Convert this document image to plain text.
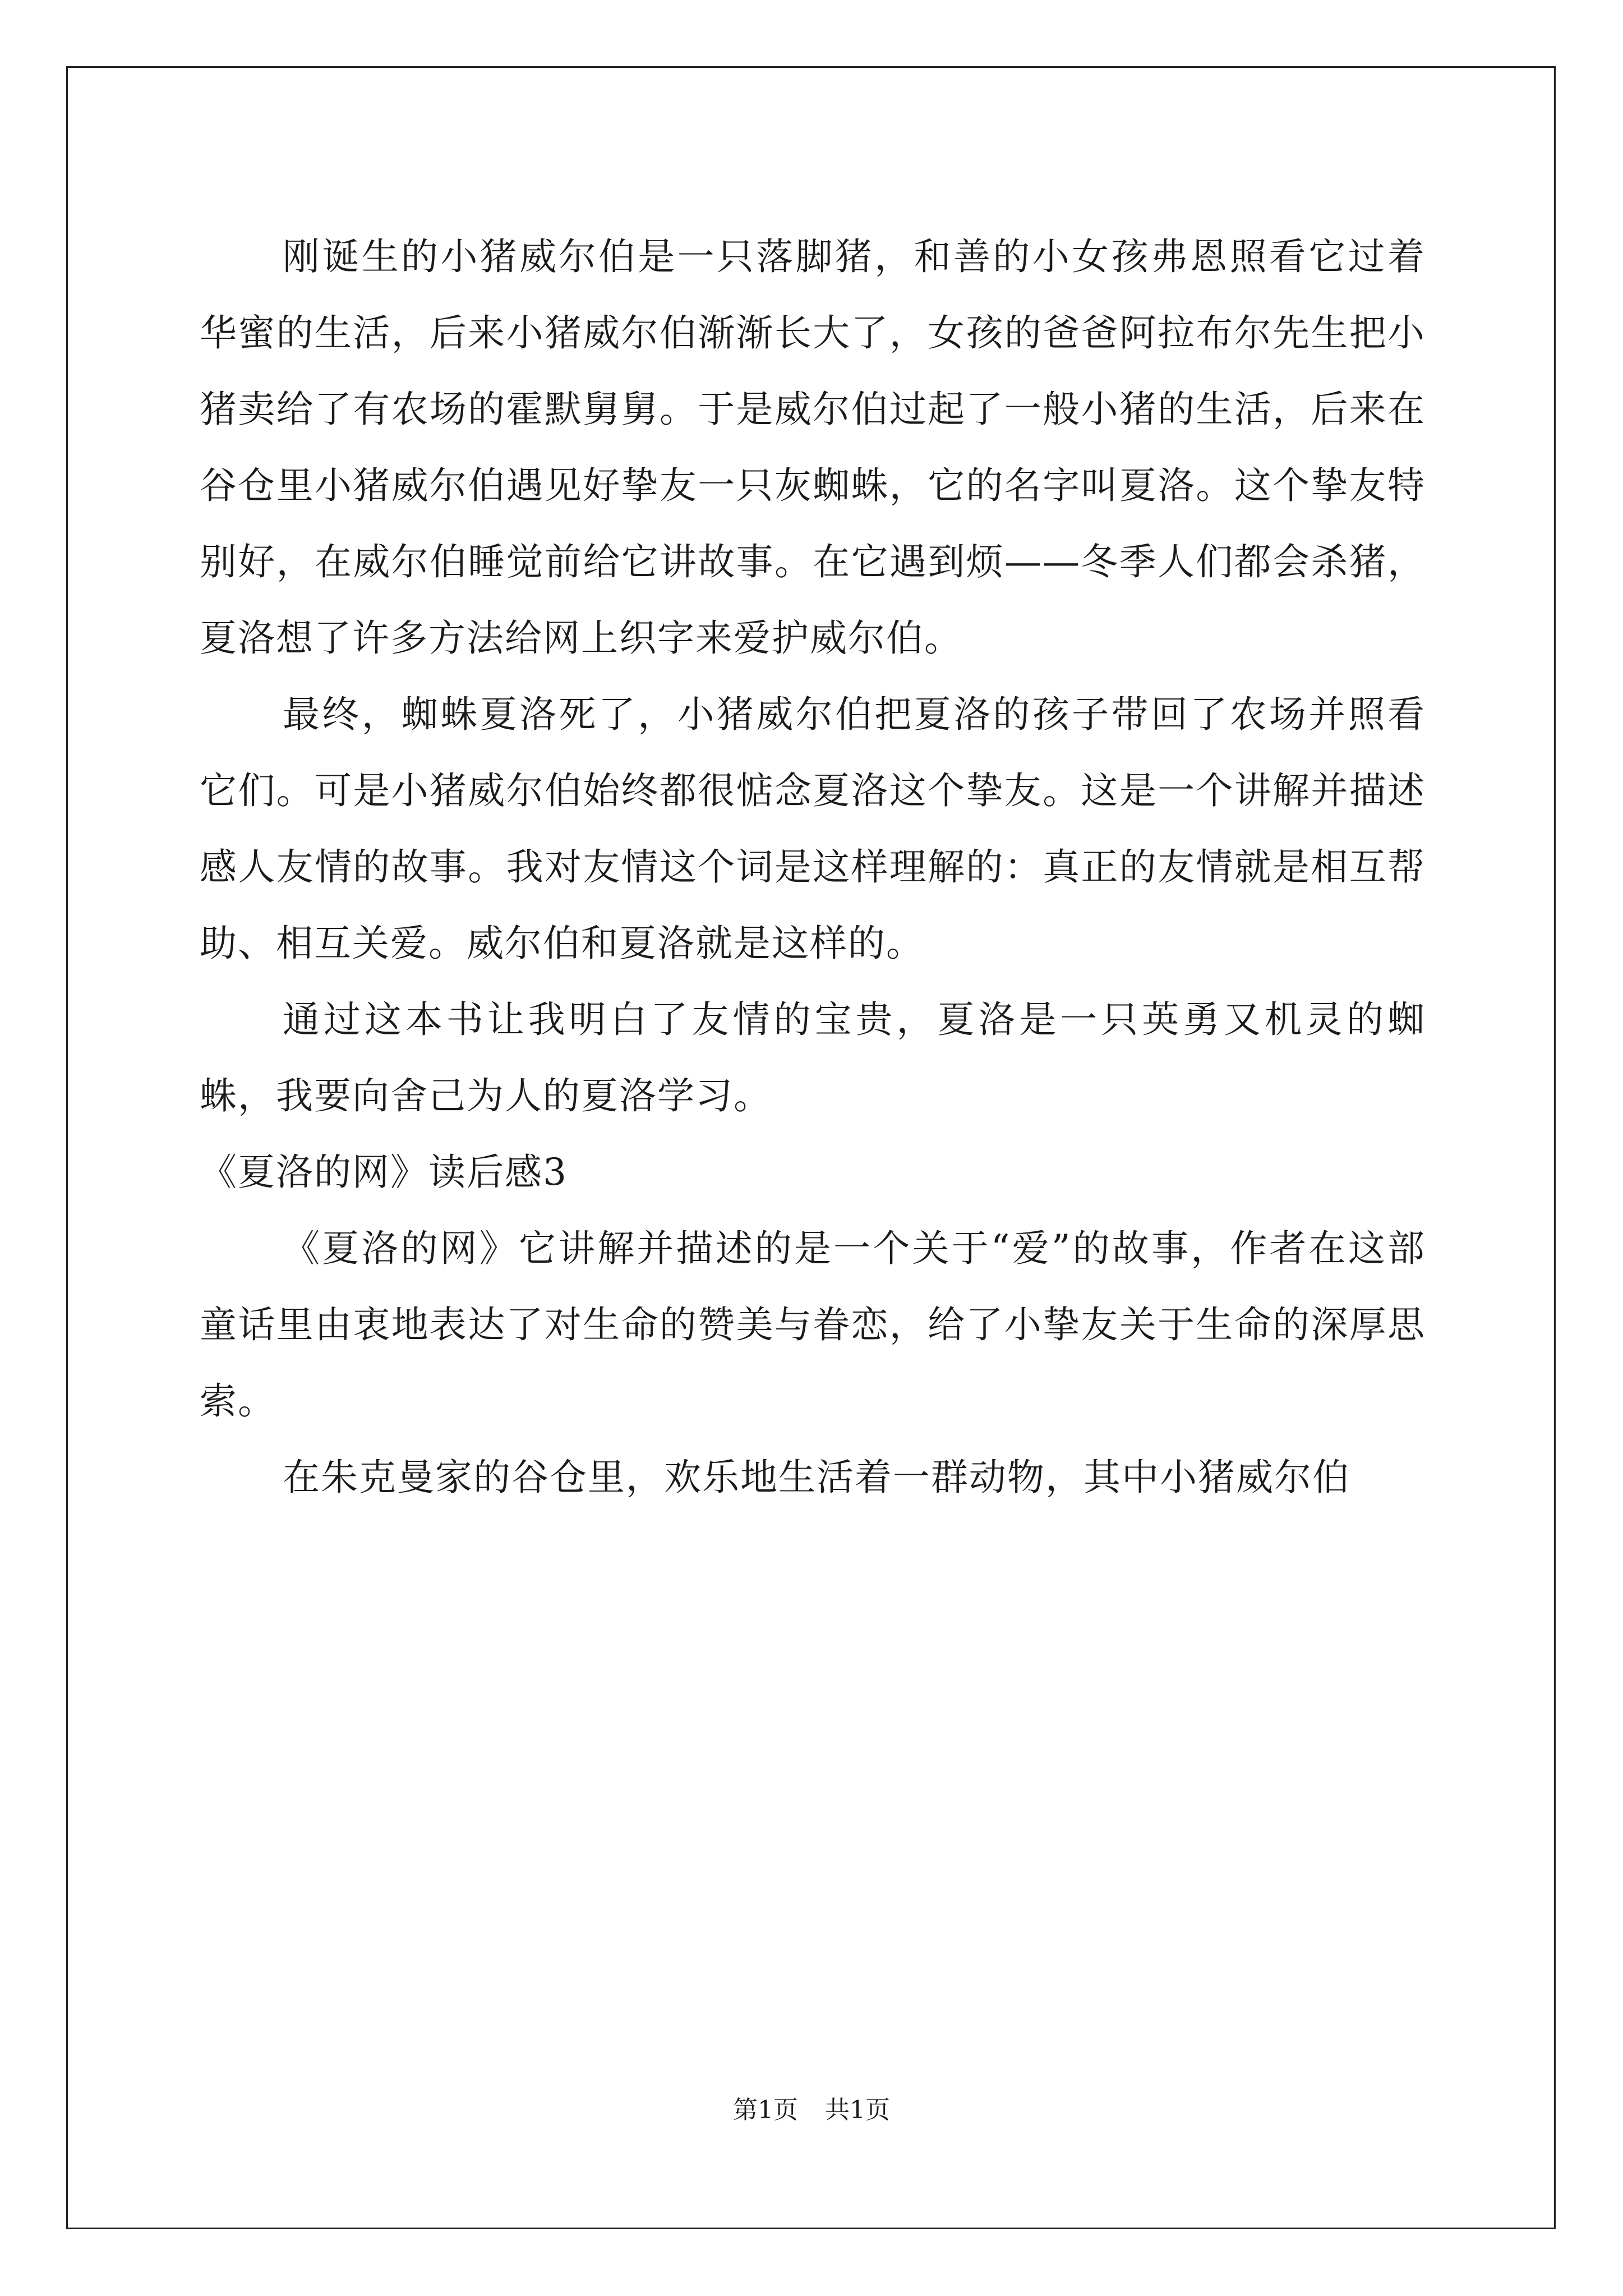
刚诞生的小猪威尔伯是一只落脚猪，和善的小女孩弗恩照看它过着华蜜的生活，后来小猪威尔伯渐渐长大了，女孩的爸爸阿拉布尔先生把小猪卖给了有农场的霍默舅舅。于是威尔伯过起了一般小猪的生活，后来在谷仓里小猪威尔伯遇见好挚友一只灰蜘蛛，它的名字叫夏洛。这个挚友特别好，在威尔伯睡觉前给它讲故事。在它遇到烦——冬季人们都会杀猪，夏洛想了许多方法给网上织字来爱护威尔伯。

最终，蜘蛛夏洛死了，小猪威尔伯把夏洛的孩子带回了农场并照看它们。可是小猪威尔伯始终都很惦念夏洛这个挚友。这是一个讲解并描述感人友情的故事。我对友情这个词是这样理解的：真正的友情就是相互帮助、相互关爱。威尔伯和夏洛就是这样的。

通过这本书让我明白了友情的宝贵，夏洛是一只英勇又机灵的蜘蛛，我要向舍己为人的夏洛学习。

《夏洛的网》读后感3

《夏洛的网》它讲解并描述的是一个关于“爱”的故事，作者在这部童话里由衷地表达了对生命的赞美与眷恋，给了小挚友关于生命的深厚思索。

在朱克曼家的谷仓里，欢乐地生活着一群动物，其中小猪威尔伯

第1页 共1页
